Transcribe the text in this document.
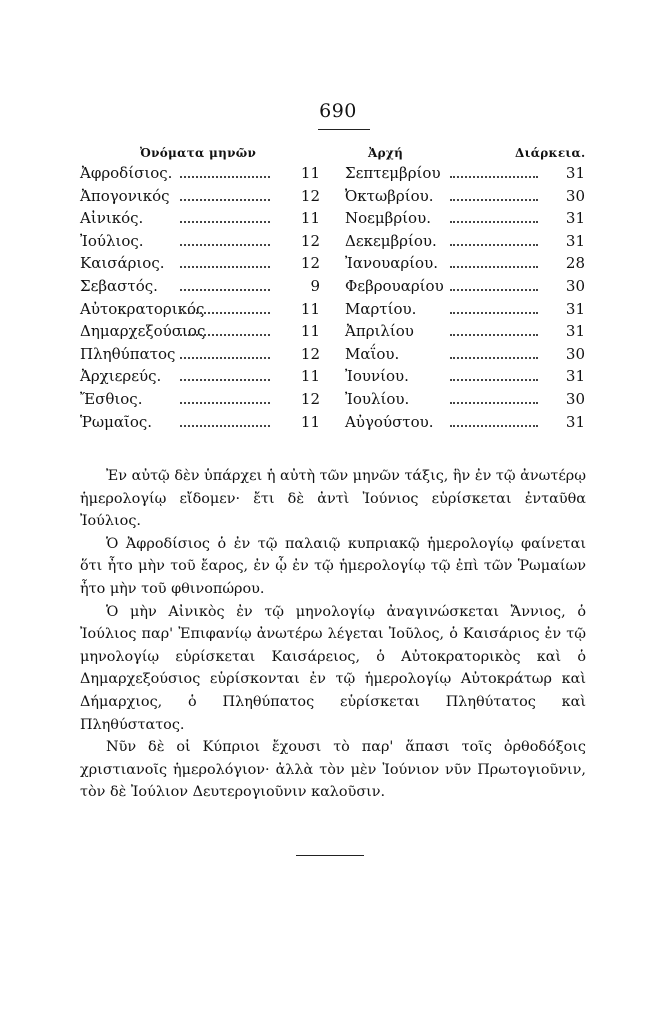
690
Ὀνόματα μηνῶν	Ἀρχή	Διάρκεια.
Ἀφροδίσιος.	11 Σεπτεμβρίου	31
Ἀπογονικός	12 Ὀκτωβρίου.	30
Αἰνικός.	11 Νοεμβρίου.	31
Ἰούλιος.	12 Δεκεμβρίου.	31
Καισάριος.	12 Ἰανουαρίου.	28
Σεβαστός.	9 Φεβρουαρίου	30
Αὐτοκρατορικός	11 Μαρτίου.	31
Δημαρχεξούσιος	11 Ἀπριλίου	31
Πληθύπατος	12 Μαΐου.	30
Ἀρχιερεύς.	11 Ἰουνίου.	31
Ἔσθιος.	12 Ἰουλίου.	30
Ῥωμαῖος.	11 Αὐγούστου.	31

Ἐν αὐτῷ δὲν ὑπάρχει ἡ αὐτὴ τῶν μηνῶν τάξις, ἣν ἐν τῷ ἀνωτέρῳ ἡμερολογίῳ εἴδομεν· ἔτι δὲ ἀντὶ Ἰούνιος εὑρίσκεται ἐνταῦθα Ἰούλιος.

Ὁ Ἀφροδίσιος ὁ ἐν τῷ παλαιῷ κυπριακῷ ἡμερολογίῳ φαίνεται ὅτι ἦτο μὴν τοῦ ἔαρος, ἐν ᾧ ἐν τῷ ἡμερολογίῳ τῷ ἐπὶ τῶν Ῥωμαίων ἦτο μὴν τοῦ φθινοπώρου.

Ὁ μὴν Αἰνικὸς ἐν τῷ μηνολογίῳ ἀναγινώσκεται Ἄννιος, ὁ Ἰούλιος παρ' Ἐπιφανίῳ ἀνωτέρω λέγεται Ἰοῦλος, ὁ Καισάριος ἐν τῷ μηνολογίῳ εὑρίσκεται Καισάρειος, ὁ Αὐτοκρατορικὸς καὶ ὁ Δημαρχεξούσιος εὑρίσκονται ἐν τῷ ἡμερολογίῳ Αὐτοκράτωρ καὶ Δήμαρχιος, ὁ Πληθύπατος εὑρίσκεται Πληθύτατος καὶ Πληθύστατος.

Νῦν δὲ οἱ Κύπριοι ἔχουσι τὸ παρ' ἅπασι τοῖς ὀρθοδόξοις χριστιανοῖς ἡμερολόγιον· ἀλλὰ τὸν μὲν Ἰούνιον νῦν Πρωτογιοῦνιν, τὸν δὲ Ἰούλιον Δευτερογιοῦνιν καλοῦσιν.
